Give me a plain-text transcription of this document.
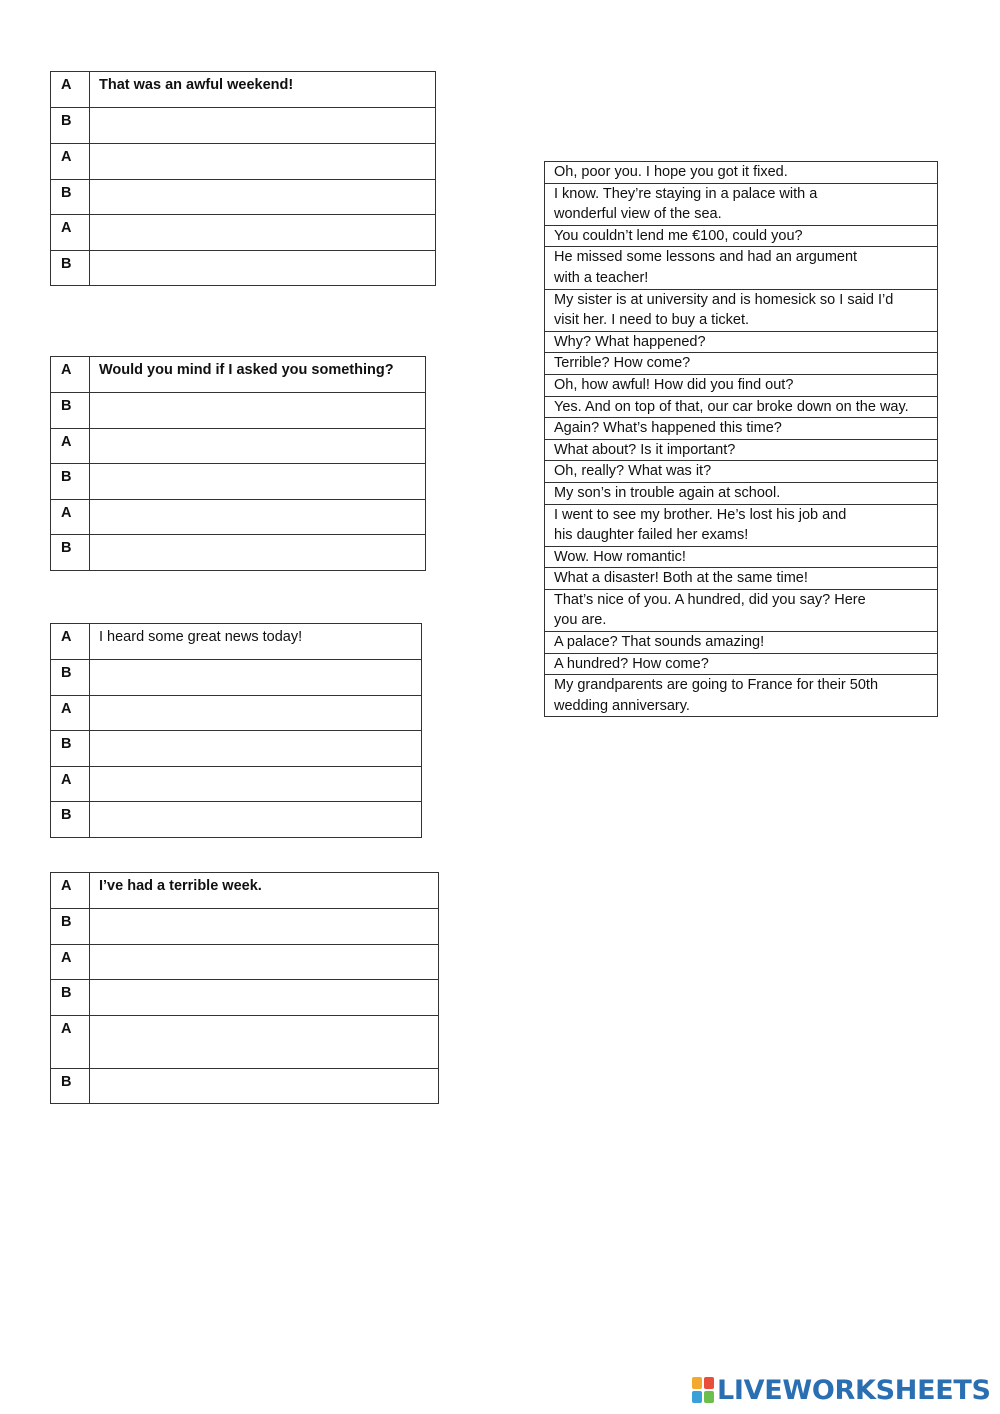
A	That was an awful weekend!
B	
A	
B	
A	
B	
A	Would you mind if I asked you something?
B	
A	
B	
A	
B	
A	I heard some great news today!
B	
A	
B	
A	
B	
A	I’ve had a terrible week.
B	
A	
B	
A	
B	
Oh, poor you. I hope you got it fixed.

I know. They’re staying in a palace with a
wonderful view of the sea.

You couldn’t lend me €100, could you?

He missed some lessons and had an argument
with a teacher!

My sister is at university and is homesick so I said I’d
visit her. I need to buy a ticket.

Why? What happened?

Terrible? How come?

Oh, how awful! How did you find out?

Yes. And on top of that, our car broke down on the way.

Again? What’s happened this time?

What about? Is it important?

Oh, really? What was it?

My son’s in trouble again at school.

I went to see my brother. He’s lost his job and
his daughter failed her exams!

Wow. How romantic!

What a disaster! Both at the same time!

That’s nice of you. A hundred, did you say? Here
you are.

A palace? That sounds amazing!

A hundred? How come?

My grandparents are going to France for their 50th
wedding anniversary.
LIVEWORKSHEETS
